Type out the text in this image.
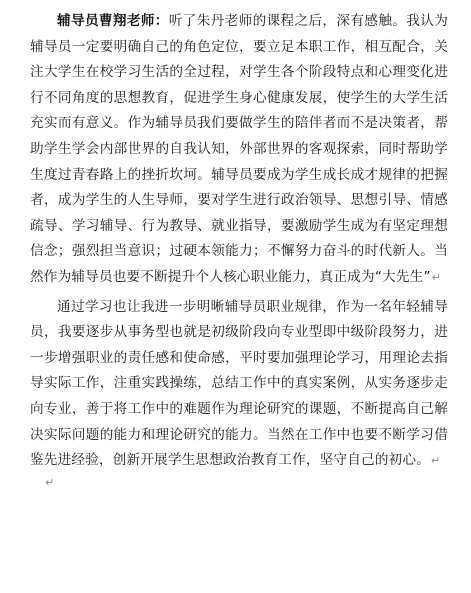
辅导员曹翔老师：听了朱丹老师的课程之后，深有感触。我认为辅导员一定要明确自己的角色定位，要立足本职工作，相互配合，关注大学生在校学习生活的全过程，对学生各个阶段特点和心理变化进行不同角度的思想教育，促进学生身心健康发展，使学生的大学生活充实而有意义。作为辅导员我们要做学生的陪伴者而不是决策者，帮助学生学会内部世界的自我认知，外部世界的客观探索，同时帮助学生度过青春路上的挫折坎坷。辅导员要成为学生成长成才规律的把握者，成为学生的人生导师，要对学生进行政治领导、思想引导、情感疏导、学习辅导、行为教导、就业指导，要激励学生成为有坚定理想信念；强烈担当意识；过硬本领能力；不懈努力奋斗的时代新人。当然作为辅导员也要不断提升个人核心职业能力，真正成为“大先生”↵

通过学习也让我进一步明晰辅导员职业规律，作为一名年轻辅导员，我要逐步从事务型也就是初级阶段向专业型即中级阶段努力，进一步增强职业的责任感和使命感，平时要加强理论学习，用理论去指导实际工作，注重实践操练，总结工作中的真实案例，从实务逐步走向专业，善于将工作中的难题作为理论研究的课题，不断提高自己解决实际问题的能力和理论研究的能力。当然在工作中也要不断学习借鉴先进经验，创新开展学生思想政治教育工作，坚守自己的初心。↵

↵
